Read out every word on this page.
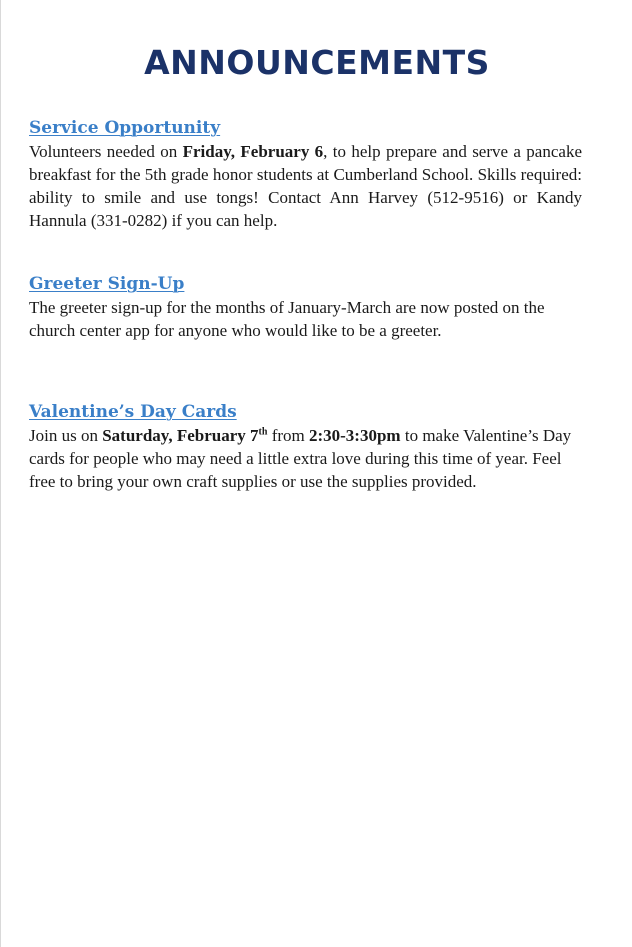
ANNOUNCEMENTS
Service Opportunity

Volunteers needed on Friday, February 6, to help prepare and serve a pancake breakfast for the 5th grade honor students at Cumberland School. Skills required: ability to smile and use tongs! Contact Ann Harvey (512-9516) or Kandy Hannula (331-0282) if you can help.

Greeter Sign-Up

The greeter sign-up for the months of January-March are now posted on the church center app for anyone who would like to be a greeter.

Valentine’s Day Cards

Join us on Saturday, February 7th from 2:30-3:30pm to make Valentine’s Day cards for people who may need a little extra love during this time of year. Feel free to bring your own craft supplies or use the supplies provided.
